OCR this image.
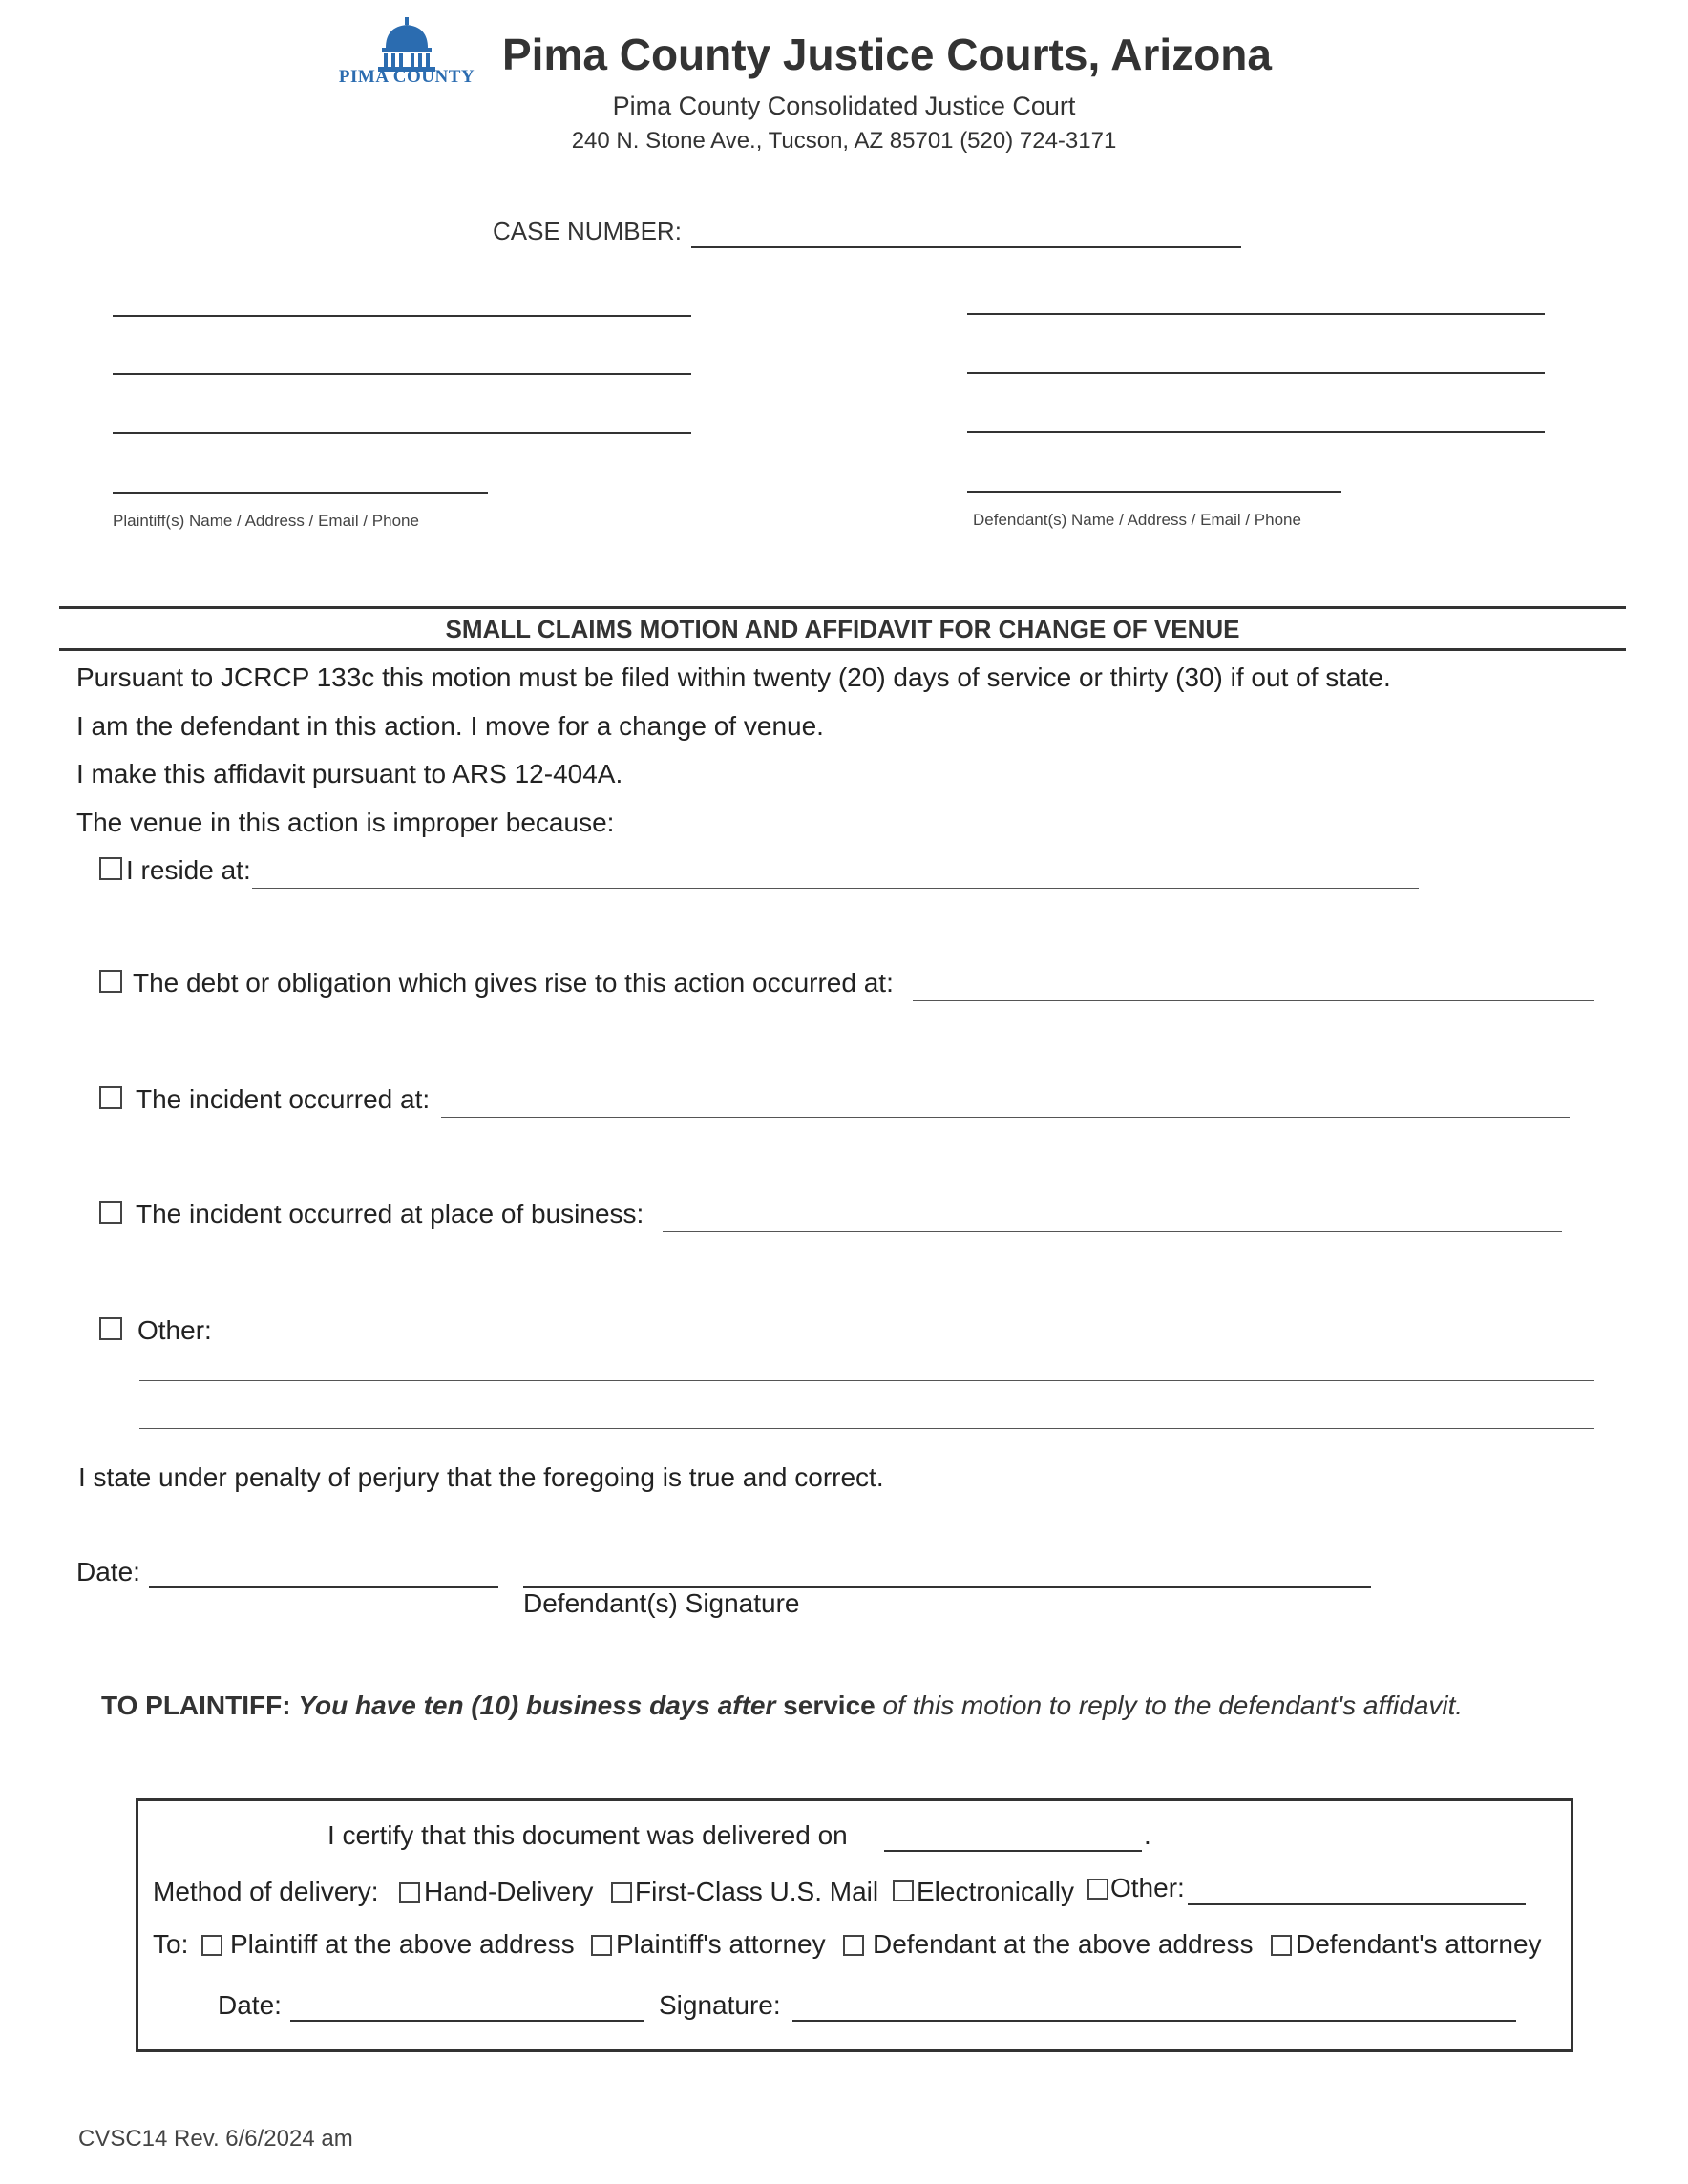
PIMA COUNTY Pima County Justice Courts, Arizona
Pima County Consolidated Justice Court
240 N. Stone Ave., Tucson, AZ 85701 (520) 724-3171
CASE NUMBER:
Plaintiff(s) Name / Address / Email / Phone	Defendant(s) Name / Address / Email / Phone
SMALL CLAIMS MOTION AND AFFIDAVIT FOR CHANGE OF VENUE
Pursuant to JCRCP 133c this motion must be filed within twenty (20) days of service or thirty (30) if out of state.
I am the defendant in this action. I move for a change of venue.
I make this affidavit pursuant to ARS 12-404A.
The venue in this action is improper because:
I reside at:
The debt or obligation which gives rise to this action occurred at:
The incident occurred at:
The incident occurred at place of business:
Other:
I state under penalty of perjury that the foregoing is true and correct.
Date:
Defendant(s) Signature
TO PLAINTIFF: You have ten (10) business days after service of this motion to reply to the defendant's affidavit.
I certify that this document was delivered on	.
Method of delivery: Hand-Delivery First-Class U.S. Mail Electronically Other:
To: Plaintiff at the above address Plaintiff's attorney Defendant at the above address Defendant's attorney
Date:	Signature:
CVSC14 Rev. 6/6/2024 am
